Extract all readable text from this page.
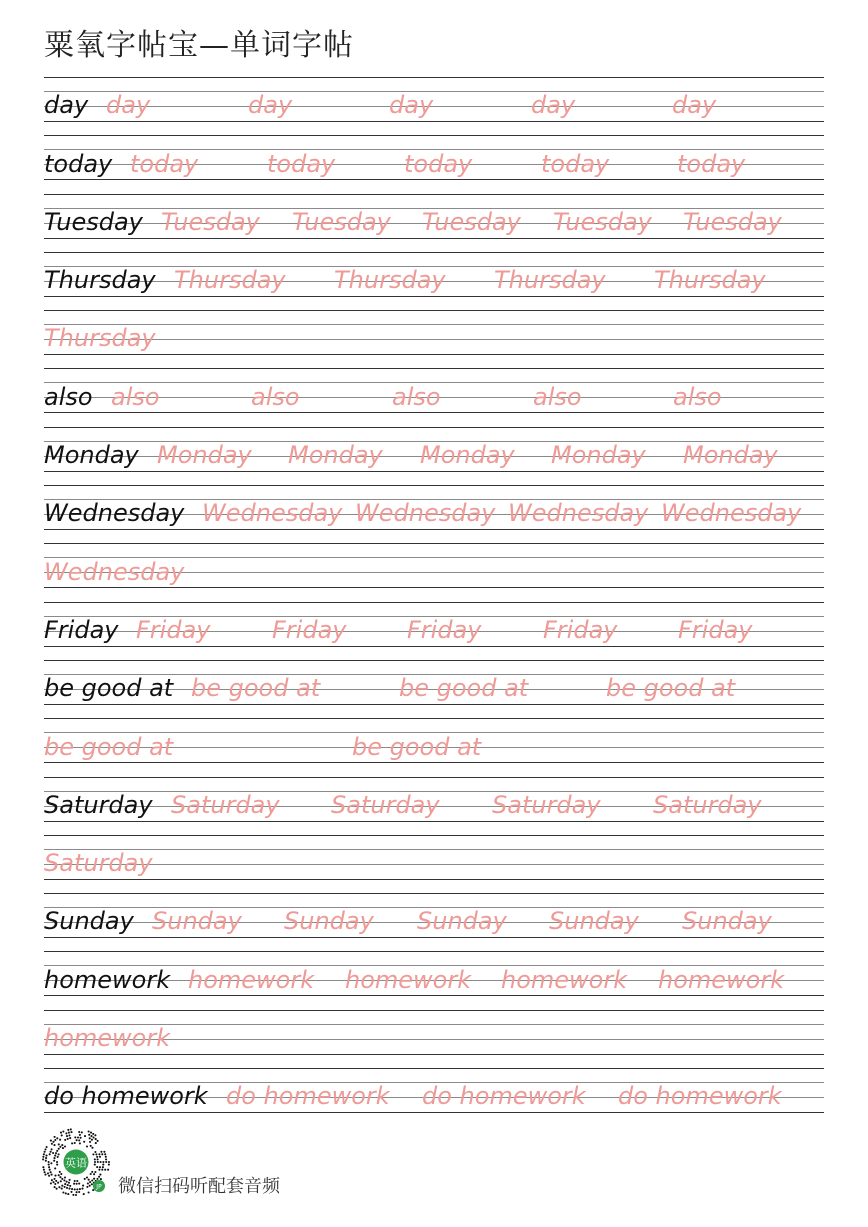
粟氧字帖宝—单词字帖
day day	day	day	day	day
today today	today	today	today	today
Tuesday Tuesday Tuesday Tuesday Tuesday Tuesday
Thursday Thursday Thursday Thursday Thursday
Thursday
also also	also	also	also	also
Monday Monday Monday Monday Monday Monday
Wednesday Wednesday Wednesday Wednesday Wednesday
Wednesday
Friday Friday	Friday	Friday	Friday	Friday
be good at be good at	be good at	be good at
be good at	be good at
Saturday Saturday Saturday Saturday Saturday
Saturday
Sunday Sunday Sunday Sunday Sunday Sunday
homework homework homework homework homework
homework
do homework do homework do homework do homework
英语
JP 微信扫码听配套音频
